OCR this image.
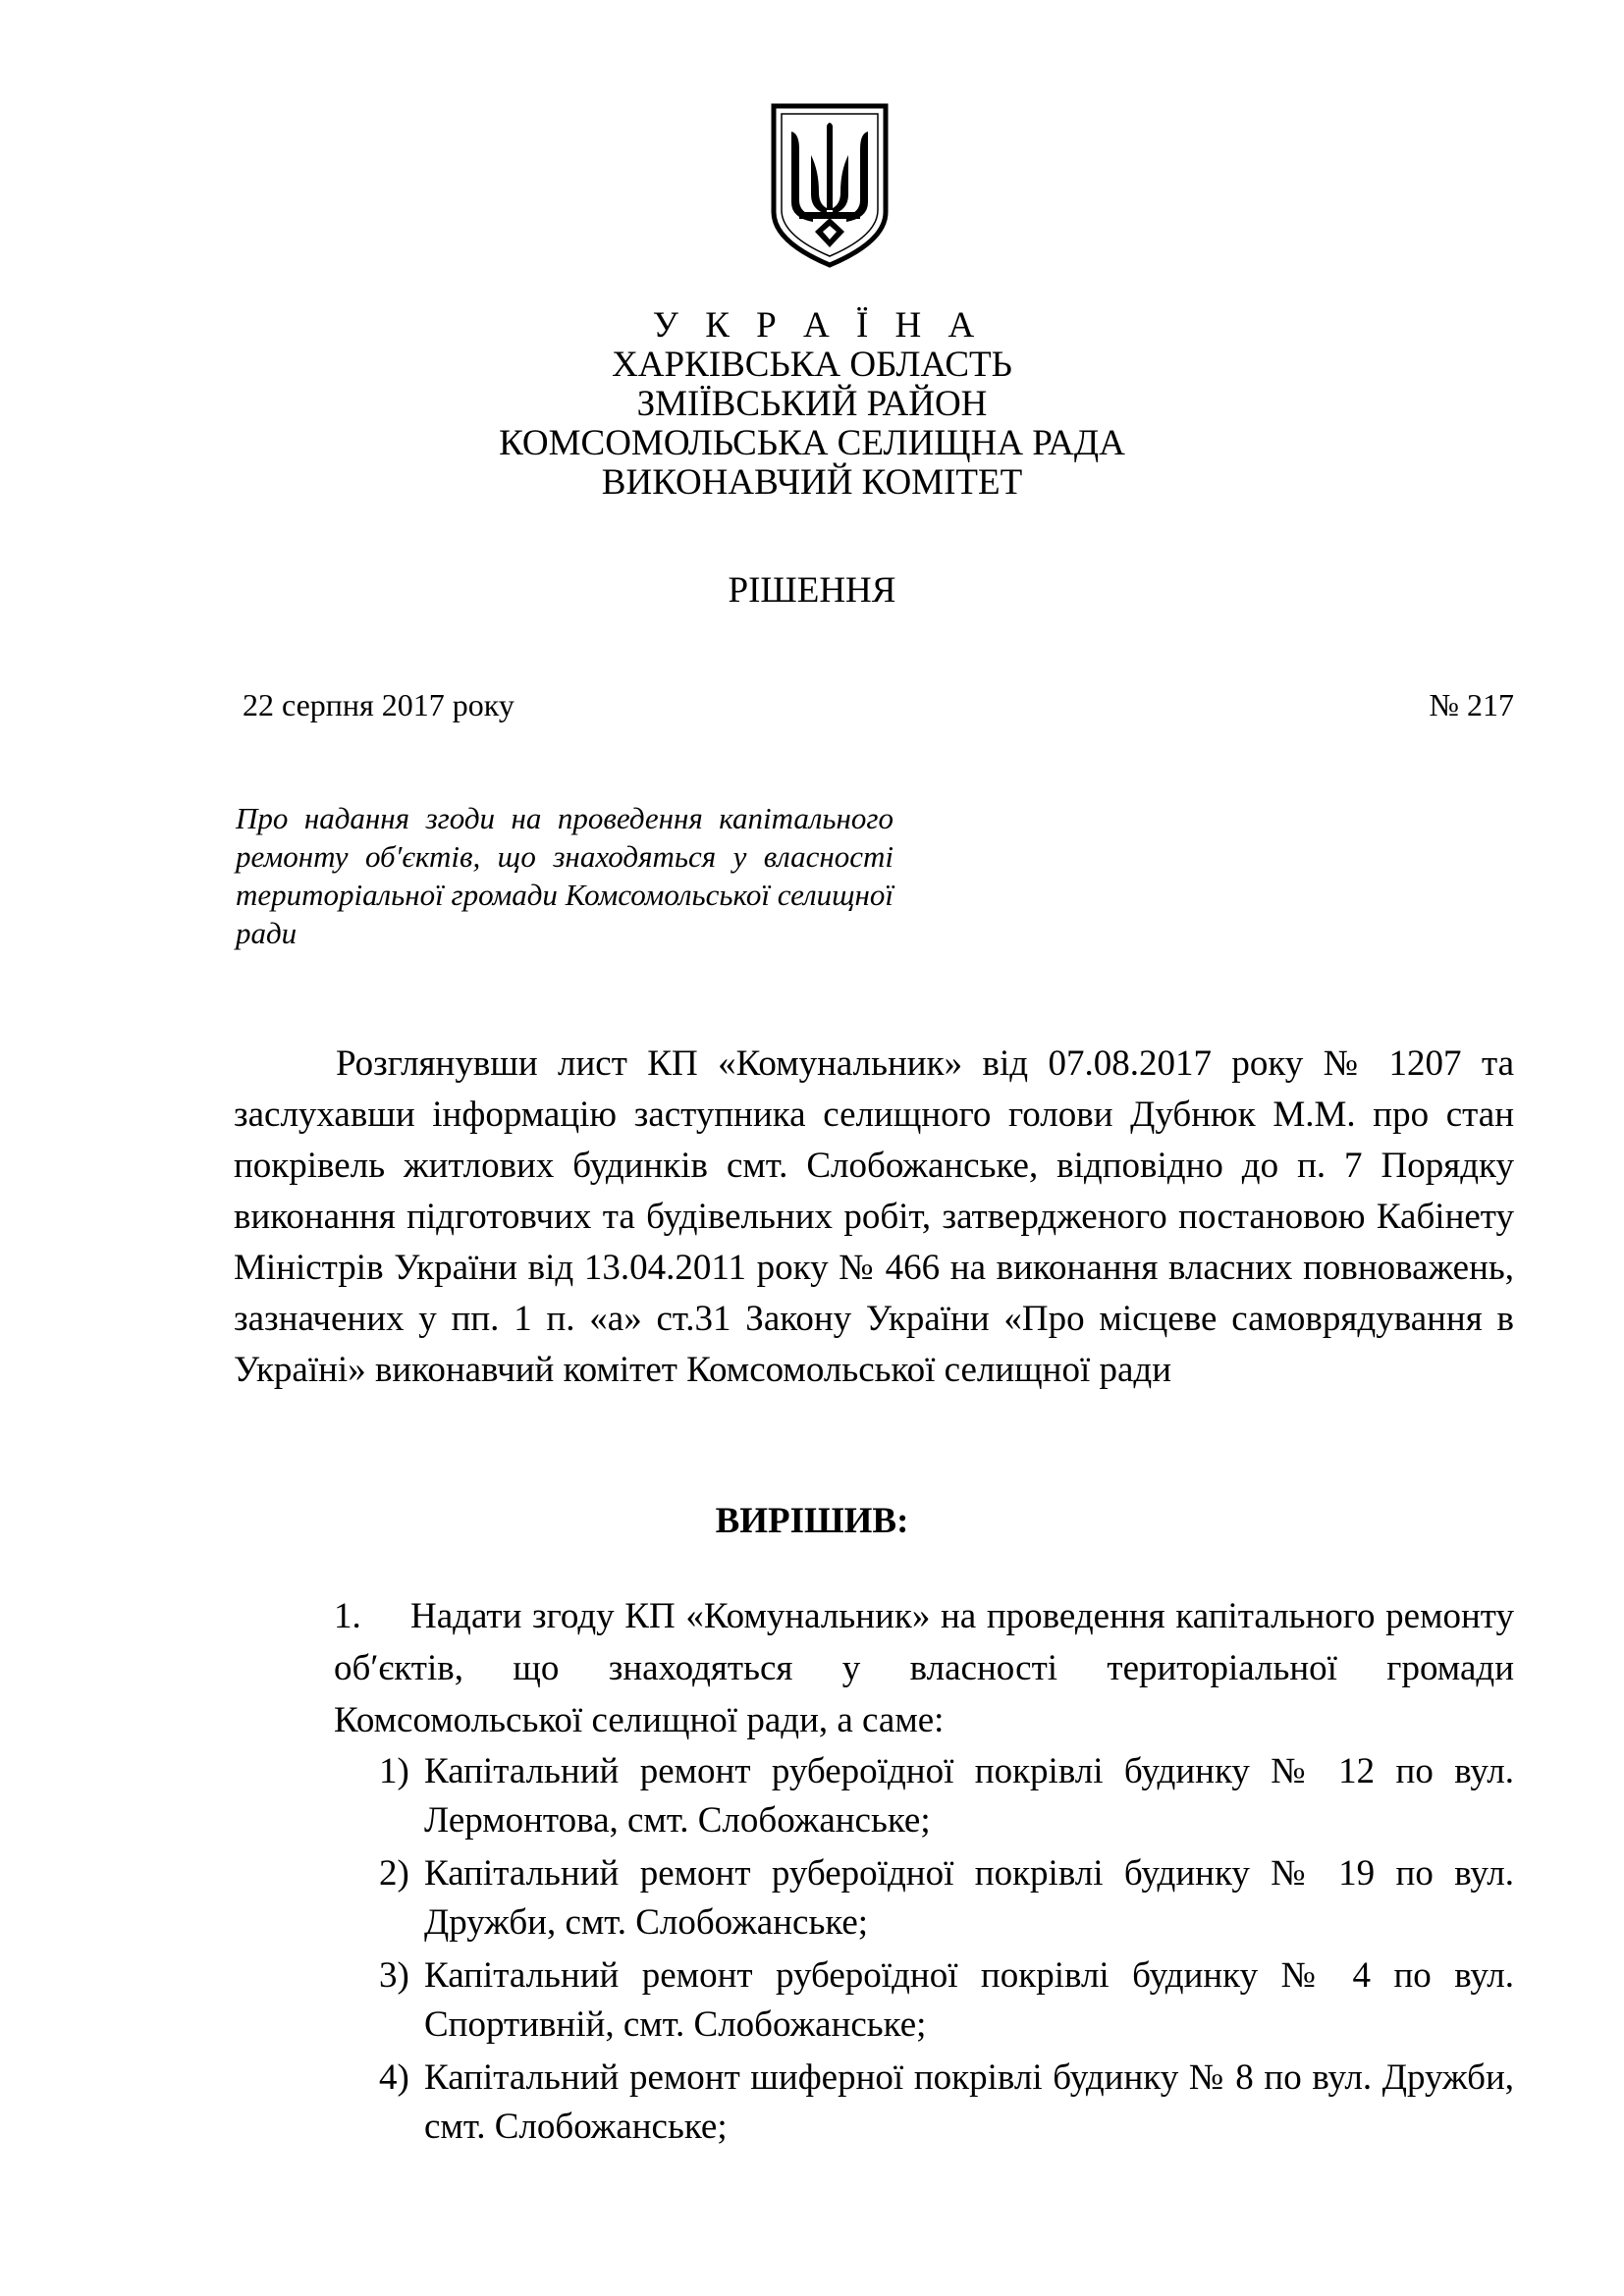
У К Р А Ї Н А
ХАРКІВСЬКА ОБЛАСТЬ
ЗМІЇВСЬКИЙ РАЙОН
КОМСОМОЛЬСЬКА СЕЛИЩНА РАДА
ВИКОНАВЧИЙ КОМІТЕТ
РІШЕННЯ
22 серпня 2017 року	№ 217
Про надання згоди на проведення капітального ремонту об′єктів, що знаходяться у власності територіальної громади Комсомольської селищної ради
Розглянувши лист КП «Комунальник» від 07.08.2017 року № 1207 та заслухавши інформацію заступника селищного голови Дубнюк М.М. про стан покрівель житлових будинків смт. Слобожанське, відповідно до п. 7 Порядку виконання підготовчих та будівельних робіт, затвердженого постановою Кабінету Міністрів України від 13.04.2011 року № 466 на виконання власних повноважень, зазначених у пп. 1 п. «а» ст.31 Закону України «Про місцеве самоврядування в Україні» виконавчий комітет Комсомольської селищної ради
ВИРІШИВ:
1. Надати згоду КП «Комунальник» на проведення капітального ремонту об′єктів, що знаходяться у власності територіальної громади Комсомольської селищної ради, а саме:
1) Капітальний ремонт руберoїдної покрівлі будинку № 12 по вул. Лермонтова, смт. Слобожанське;
2) Капітальний ремонт руберoїдної покрівлі будинку № 19 по вул. Дружби, смт. Слобожанське;
3) Капітальний ремонт руберoїдної покрівлі будинку № 4 по вул. Спортивній, смт. Слобожанське;
4) Капітальний ремонт шиферної покрівлі будинку № 8 по вул. Дружби, смт. Слобожанське;
